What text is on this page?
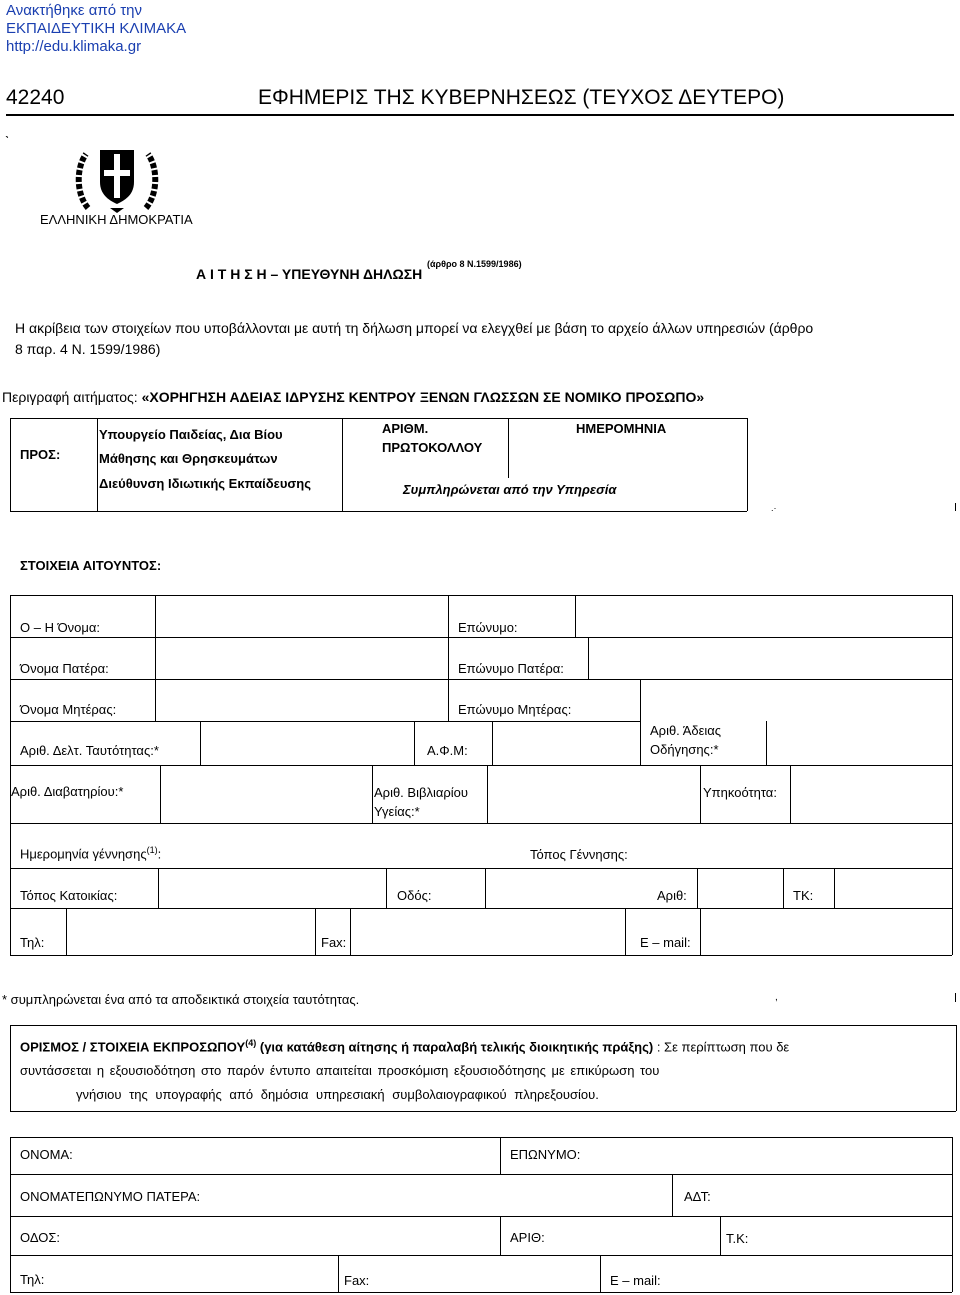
Ανακτήθηκε από την
ΕΚΠΑΙΔΕΥΤΙΚΗ ΚΛΙΜΑΚΑ
http://edu.klimaka.gr
42240	ΕΦΗΜΕΡΙΣ ΤΗΣ ΚΥΒΕΡΝΗΣΕΩΣ (ΤΕΥΧΟΣ ΔΕΥΤΕΡΟ)
ˎ
ΕΛΛΗΝΙΚΗ ΔΗΜΟΚΡΑΤΙΑ
Α Ι Τ Η Σ Η – ΥΠΕΥΘΥΝΗ ΔΗΛΩΣΗ
(άρθρο 8 Ν.1599/1986)
Η ακρίβεια των στοιχείων που υποβάλλονται με αυτή τη δήλωση μπορεί να ελεγχθεί με βάση το αρχείο άλλων υπηρεσιών (άρθρο
8 παρ. 4 Ν. 1599/1986)
Περιγραφή αιτήματος: «ΧΟΡΗΓΗΣΗ ΑΔΕΙΑΣ ΙΔΡΥΣΗΣ ΚΕΝΤΡΟΥ ΞΕΝΩΝ ΓΛΩΣΣΩΝ ΣΕ ΝΟΜΙΚΟ ΠΡΟΣΩΠΟ»
ΠΡΟΣ:
Υπουργείο Παιδείας, Δια Βίου
Μάθησης και Θρησκευμάτων
Διεύθυνση Ιδιωτικής Εκπαίδευσης
ΑΡΙΘΜ.
ΠΡΩΤΟΚΟΛΛΟΥ
ΗΜΕΡΟΜΗΝΙΑ
Συμπληρώνεται από την Υπηρεσία
.·
ΣΤΟΙΧΕΙΑ ΑΙΤΟΥΝΤΟΣ:
Ο – Η Όνομα:	Επώνυμο:
Όνομα Πατέρα:	Επώνυμο Πατέρα:
Όνομα Μητέρας:	Επώνυμο Μητέρας:
Αριθ. Δελτ. Ταυτότητας:*	Α.Φ.Μ:
Αριθ. Άδειας
Οδήγησης:*
Αριθ. Διαβατηρίου:*	Αριθ. Βιβλιαρίου
Υγείας:*
Υπηκοότητα:
Ημερομηνία γέννησης$^{(1)}$:	Τόπος Γέννησης:
Τόπος Κατοικίας:	Οδός:	Αριθ:	ΤΚ:
Τηλ:	Fax:	E – mail:
* συμπληρώνεται ένα από τα αποδεικτικά στοιχεία ταυτότητας.	,
ΟΡΙΣΜΟΣ / ΣΤΟΙΧΕΙΑ ΕΚΠΡΟΣΩΠΟΥ$^{(4)}$ (για κατάθεση αίτησης ή παραλαβή τελικής διοικητικής πράξης) : Σε περίπτωση που δε
συντάσσεται η εξουσιοδότηση στο παρόν έντυπο απαιτείται προσκόμιση εξουσιοδότησης με επικύρωση του
γνήσιου της υπογραφής από δημόσια υπηρεσιακή συμβολαιογραφικού πληρεξουσίου.
ΟΝΟΜΑ:	ΕΠΩΝΥΜΟ:
ΟΝΟΜΑΤΕΠΩΝΥΜΟ ΠΑΤΕΡΑ:	ΑΔΤ:
ΟΔΟΣ:	ΑΡΙΘ:	Τ.Κ:
Τηλ:	Fax:	E – mail:
